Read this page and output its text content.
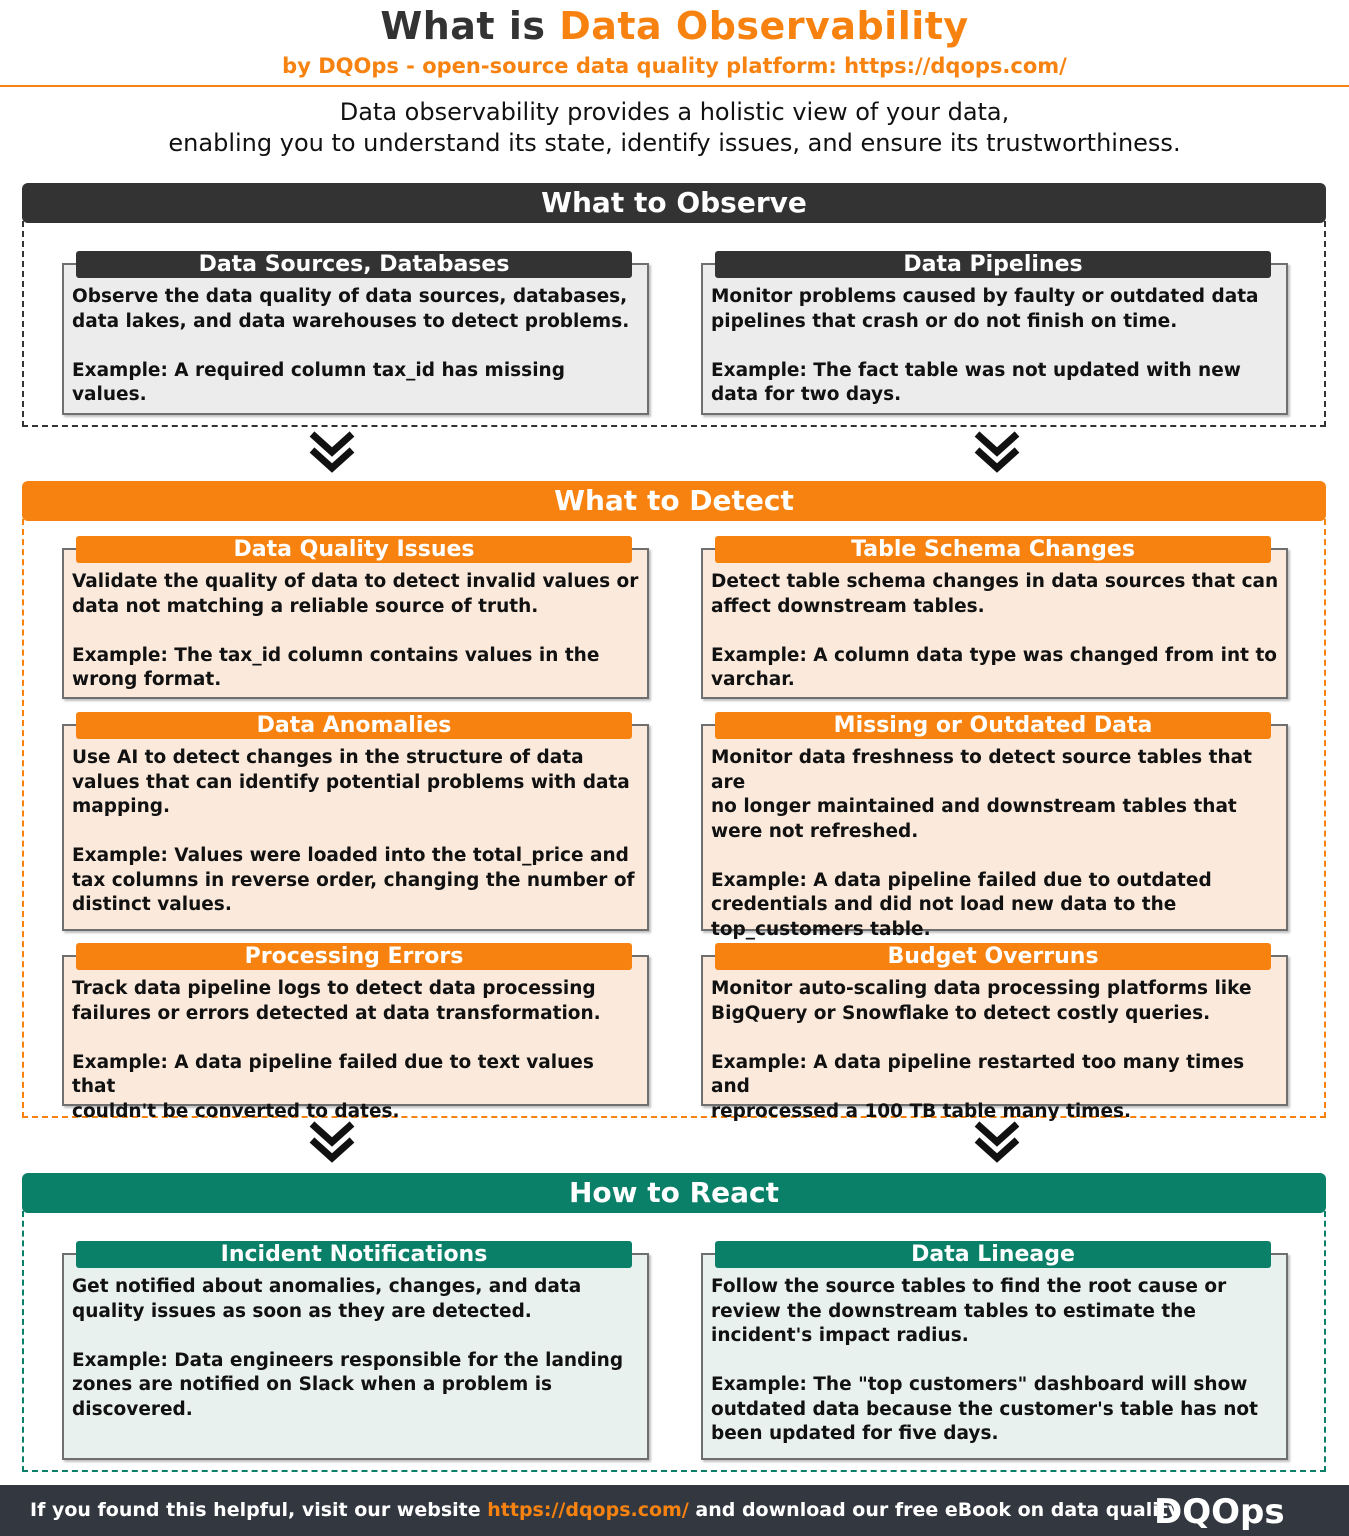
What is Data Observability
by DQOps - open-source data quality platform: https://dqops.com/
Data observability provides a holistic view of your data,
enabling you to understand its state, identify issues, and ensure its trustworthiness.
What to Observe
Data Sources, Databases
Observe the data quality of data sources, databases,
data lakes, and data warehouses to detect problems.

Example: A required column tax_id has missing values.
Data Pipelines
Monitor problems caused by faulty or outdated data
pipelines that crash or do not finish on time.

Example: The fact table was not updated with new
data for two days.
What to Detect
Data Quality Issues
Validate the quality of data to detect invalid values or
data not matching a reliable source of truth.

Example: The tax_id column contains values in the
wrong format.
Table Schema Changes
Detect table schema changes in data sources that can
affect downstream tables.

Example: A column data type was changed from int to
varchar.
Data Anomalies
Use AI to detect changes in the structure of data
values that can identify potential problems with data
mapping.

Example: Values were loaded into the total_price and
tax columns in reverse order, changing the number of
distinct values.
Missing or Outdated Data
Monitor data freshness to detect source tables that are
no longer maintained and downstream tables that
were not refreshed.

Example: A data pipeline failed due to outdated
credentials and did not load new data to the
top_customers table.
Processing Errors
Track data pipeline logs to detect data processing
failures or errors detected at data transformation.

Example: A data pipeline failed due to text values that
couldn't be converted to dates.
Budget Overruns
Monitor auto-scaling data processing platforms like
BigQuery or Snowflake to detect costly queries.

Example: A data pipeline restarted too many times and
reprocessed a 100 TB table many times.
How to React
Incident Notifications
Get notified about anomalies, changes, and data
quality issues as soon as they are detected.

Example: Data engineers responsible for the landing
zones are notified on Slack when a problem is
discovered.
Data Lineage
Follow the source tables to find the root cause or
review the downstream tables to estimate the
incident's impact radius.

Example: The "top customers" dashboard will show
outdated data because the customer's table has not
been updated for five days.
If you found this helpful, visit our website https://dqops.com/ and download our free eBook on data quality
DQOps
